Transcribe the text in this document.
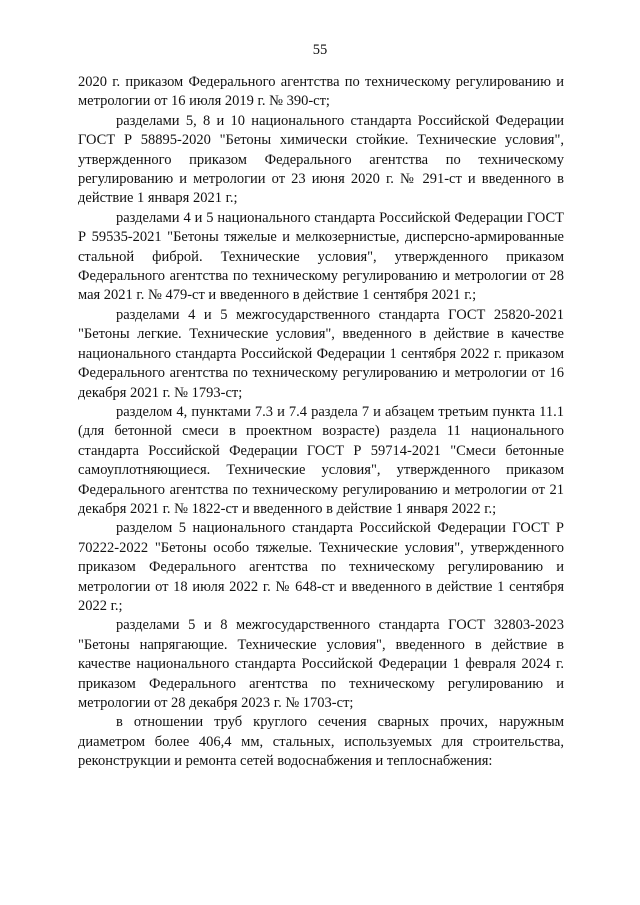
55

2020 г. приказом Федерального агентства по техническому регулированию и метрологии от 16 июля 2019 г. № 390-ст;

разделами 5, 8 и 10 национального стандарта Российской Федерации ГОСТ Р 58895-2020 "Бетоны химически стойкие. Технические условия", утвержденного приказом Федерального агентства по техническому регулированию и метрологии от 23 июня 2020 г. № 291-ст и введенного в действие 1 января 2021 г.;

разделами 4 и 5 национального стандарта Российской Федерации ГОСТ Р 59535-2021 "Бетоны тяжелые и мелкозернистые, дисперсно-армированные стальной фиброй. Технические условия", утвержденного приказом Федерального агентства по техническому регулированию и метрологии от 28 мая 2021 г. № 479-ст и введенного в действие 1 сентября 2021 г.;

разделами 4 и 5 межгосударственного стандарта ГОСТ 25820-2021 "Бетоны легкие. Технические условия", введенного в действие в качестве национального стандарта Российской Федерации 1 сентября 2022 г. приказом Федерального агентства по техническому регулированию и метрологии от 16 декабря 2021 г. № 1793-ст;

разделом 4, пунктами 7.3 и 7.4 раздела 7 и абзацем третьим пункта 11.1 (для бетонной смеси в проектном возрасте) раздела 11 национального стандарта Российской Федерации ГОСТ Р 59714-2021 "Смеси бетонные самоуплотняющиеся. Технические условия", утвержденного приказом Федерального агентства по техническому регулированию и метрологии от 21 декабря 2021 г. № 1822-ст и введенного в действие 1 января 2022 г.;

разделом 5 национального стандарта Российской Федерации ГОСТ Р 70222-2022 "Бетоны особо тяжелые. Технические условия", утвержденного приказом Федерального агентства по техническому регулированию и метрологии от 18 июля 2022 г. № 648-ст и введенного в действие 1 сентября 2022 г.;

разделами 5 и 8 межгосударственного стандарта ГОСТ 32803-2023 "Бетоны напрягающие. Технические условия", введенного в действие в качестве национального стандарта Российской Федерации 1 февраля 2024 г. приказом Федерального агентства по техническому регулированию и метрологии от 28 декабря 2023 г. № 1703-ст;

в отношении труб круглого сечения сварных прочих, наружным диаметром более 406,4 мм, стальных, используемых для строительства, реконструкции и ремонта сетей водоснабжения и теплоснабжения:
